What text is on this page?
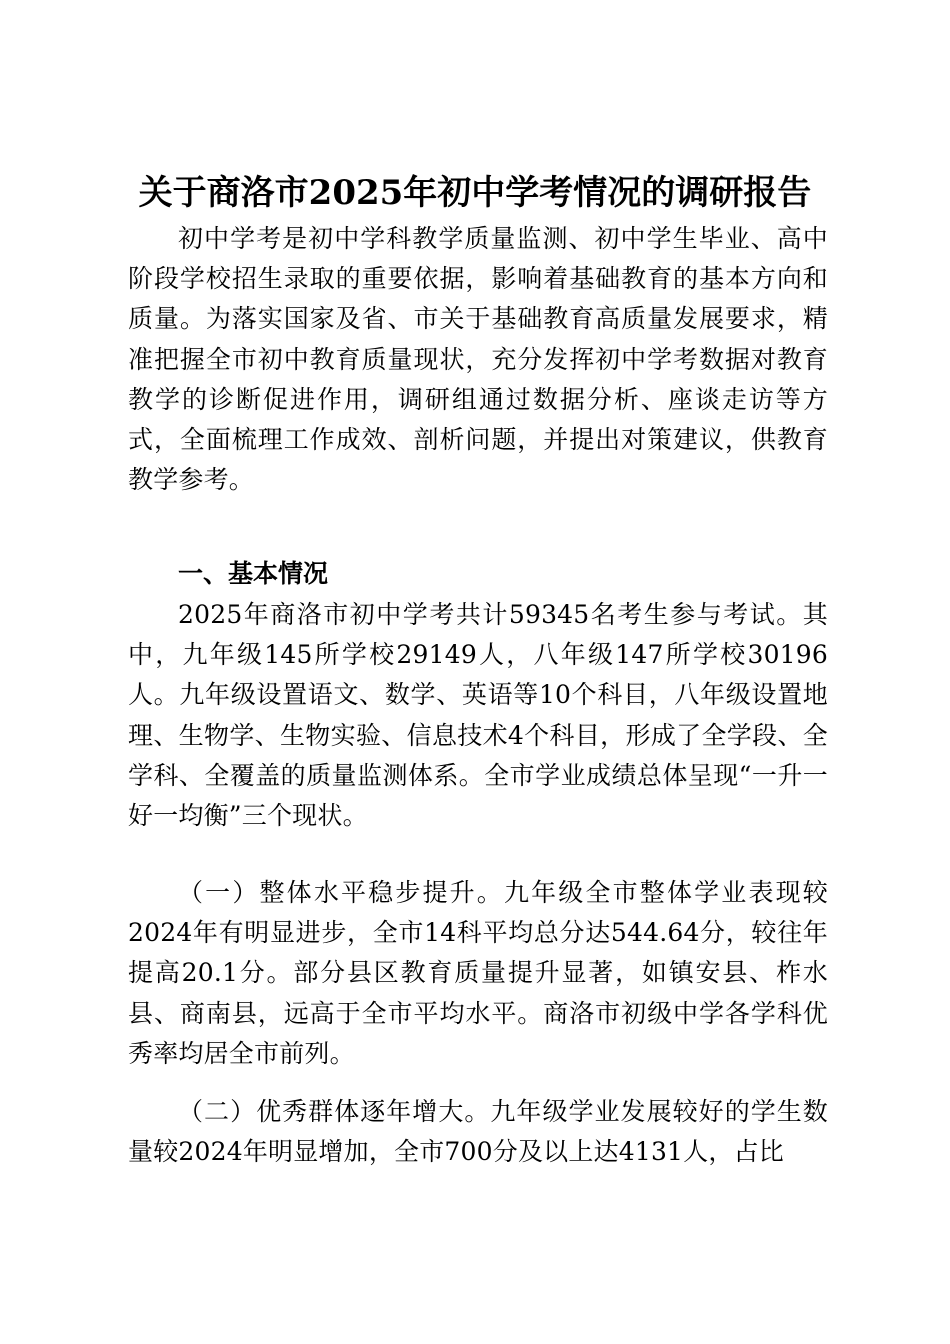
关于商洛市2025年初中学考情况的调研报告

初中学考是初中学科教学质量监测、初中学生毕业、高中阶段学校招生录取的重要依据，影响着基础教育的基本方向和质量。为落实国家及省、市关于基础教育高质量发展要求，精准把握全市初中教育质量现状，充分发挥初中学考数据对教育教学的诊断促进作用，调研组通过数据分析、座谈走访等方式，全面梳理工作成效、剖析问题，并提出对策建议，供教育教学参考。

一、基本情况

2025年商洛市初中学考共计59345名考生参与考试。其中，九年级145所学校29149人，八年级147所学校30196人。九年级设置语文、数学、英语等10个科目，八年级设置地理、生物学、生物实验、信息技术4个科目，形成了全学段、全学科、全覆盖的质量监测体系。全市学业成绩总体呈现“一升一好一均衡”三个现状。

（一）整体水平稳步提升。九年级全市整体学业表现较2024年有明显进步，全市14科平均总分达544.64分，较往年提高20.1分。部分县区教育质量提升显著，如镇安县、柞水县、商南县，远高于全市平均水平。商洛市初级中学各学科优秀率均居全市前列。

（二）优秀群体逐年增大。九年级学业发展较好的学生数量较2024年明显增加，全市700分及以上达4131人，占比
